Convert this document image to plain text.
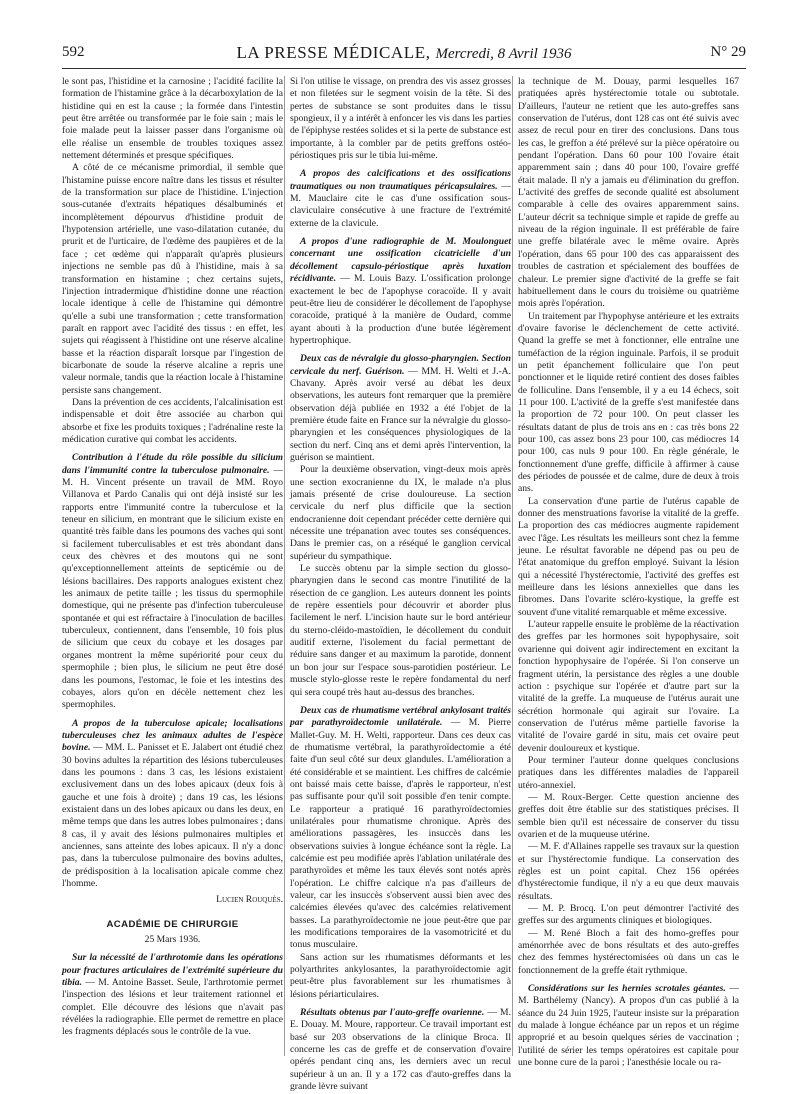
592	LA PRESSE MÉDICALE, Mercredi, 8 Avril 1936	N° 29

le sont pas, l'histidine et la carnosine ; l'acidité facilite la formation de l'histamine grâce à la décarboxylation de la histidine qui en est la cause ; la formée dans l'intestin peut être arrêtée ou transformée par le foie sain ; mais le foie malade peut la laisser passer dans l'organisme où elle réalise un ensemble de troubles toxiques assez nettement déterminés et presque spécifiques.

A côté de ce mécanisme primordial, il semble que l'histamine puisse encore naître dans les tissus et résulter de la transformation sur place de l'histidine. L'injection sous-cutanée d'extraits hépatiques désalbuminés et incomplètement dépourvus d'histidine produit de l'hypotension artérielle, une vaso-dilatation cutanée, du prurit et de l'urticaire, de l'œdème des paupières et de la face ; cet œdème qui n'apparaît qu'après plusieurs injections ne semble pas dû à l'histidine, mais à sa transformation en histamine ; chez certains sujets, l'injection intradermique d'histidine donne une réaction locale identique à celle de l'histamine qui démontre qu'elle a subi une transformation ; cette transformation paraît en rapport avec l'acidité des tissus : en effet, les sujets qui réagissent à l'histidine ont une réserve alcaline basse et la réaction disparaît lorsque par l'ingestion de bicarbonate de soude la réserve alcaline a repris une valeur normale, tandis que la réaction locale à l'histamine persiste sans changement.

Dans la prévention de ces accidents, l'alcalinisation est indispensable et doit être associée au charbon qui absorbe et fixe les produits toxiques ; l'adrénaline reste la médication curative qui combat les accidents.

Contribution à l'étude du rôle possible du silicium dans l'immunité contre la tuberculose pulmonaire. — M. H. Vincent présente un travail de MM. Royo Villanova et Pardo Canalis qui ont déjà insisté sur les rapports entre l'immunité contre la tuberculose et la teneur en silicium, en montrant que le silicium existe en quantité très faible dans les poumons des vaches qui sont si facilement tuberculisables et est très abondant dans ceux des chèvres et des moutons qui ne sont qu'exceptionnellement atteints de septicémie ou de lésions bacillaires. Des rapports analogues existent chez les animaux de petite taille ; les tissus du spermophile domestique, qui ne présente pas d'infection tuberculeuse spontanée et qui est réfractaire à l'inoculation de bacilles tuberculeux, contiennent, dans l'ensemble, 10 fois plus de silicium que ceux du cobaye et les dosages par organes montrent la même supériorité pour ceux du spermophile ; bien plus, le silicium ne peut être dosé dans les poumons, l'estomac, le foie et les intestins des cobayes, alors qu'on en décèle nettement chez les spermophiles.

A propos de la tuberculose apicale; localisations tuberculeuses chez les animaux adultes de l'espèce bovine. — MM. L. Panisset et E. Jalabert ont étudié chez 30 bovins adultes la répartition des lésions tuberculeuses dans les poumons : dans 3 cas, les lésions existaient exclusivement dans un des lobes apicaux (deux fois à gauche et une fois à droite) ; dans 19 cas, les lésions existaient dans un des lobes apicaux ou dans les deux, en même temps que dans les autres lobes pulmonaires ; dans 8 cas, il y avait des lésions pulmonaires multiples et anciennes, sans atteinte des lobes apicaux. Il n'y a donc pas, dans la tuberculose pulmonaire des bovins adultes, de prédisposition à la localisation apicale comme chez l'homme.

Lucien Rouquès.
ACADÉMIE DE CHIRURGIE
25 Mars 1936.

Sur la nécessité de l'arthrotomie dans les opérations pour fractures articulaires de l'extrémité supérieure du tibia. — M. Antoine Basset. Seule, l'arthrotomie permet l'inspection des lésions et leur traitement rationnel et complet. Elle découvre des lésions que n'avait pas révélées la radiographie. Elle permet de remettre en place les fragments déplacés sous le contrôle de la vue.

Si l'on utilise le vissage, on prendra des vis assez grosses et non filetées sur le segment voisin de la tête. Si des pertes de substance se sont produites dans le tissu spongieux, il y a intérêt à enfoncer les vis dans les parties de l'épiphyse restées solides et si la perte de substance est importante, à la combler par de petits greffons ostéo-périostiques pris sur le tibia lui-même.

A propos des calcifications et des ossifications traumatiques ou non traumatiques péricapsulaires. — M. Mauclaire cite le cas d'une ossification sous-claviculaire consécutive à une fracture de l'extrémité externe de la clavicule.

A propos d'une radiographie de M. Moulonguet concernant une ossification cicatricielle d'un décollement capsulo-périostique après luxation récidivante. — M. Louis Bazy. L'ossification prolonge exactement le bec de l'apophyse coracoïde. Il y avait peut-être lieu de considérer le décollement de l'apophyse coracoïde, pratiqué à la manière de Oudard, comme ayant abouti à la production d'une butée légèrement hypertrophique.

Deux cas de névralgie du glosso-pharyngien. Section cervicale du nerf. Guérison. — MM. H. Welti et J.-A. Chavany. Après avoir versé au débat les deux observations, les auteurs font remarquer que la première observation déjà publiée en 1932 a été l'objet de la première étude faite en France sur la névralgie du glosso-pharyngien et les conséquences physiologiques de la section du nerf. Cinq ans et demi après l'intervention, la guérison se maintient.

Pour la deuxième observation, vingt-deux mois après une section exocranienne du IX, le malade n'a plus jamais présenté de crise douloureuse. La section cervicale du nerf plus difficile que la section endocranienne doit cependant précéder cette dernière qui nécessite une trépanation avec toutes ses conséquences. Dans le premier cas, on a réséqué le ganglion cervical supérieur du sympathique.

Le succès obtenu par la simple section du glosso-pharyngien dans le second cas montre l'inutilité de la résection de ce ganglion. Les auteurs donnent les points de repère essentiels pour découvrir et aborder plus facilement le nerf. L'incision haute sur le bord antérieur du sterno-cléido-mastoïdien, le décollement du conduit auditif externe, l'isolement du facial permettant de réduire sans danger et au maximum la parotide, donnent un bon jour sur l'espace sous-parotidien postérieur. Le muscle stylo-glosse reste le repère fondamental du nerf qui sera coupé très haut au-dessus des branches.

Deux cas de rhumatisme vertébral ankylosant traités par parathyroïdectomie unilatérale. — M. Pierre Mallet-Guy. M. H. Welti, rapporteur. Dans ces deux cas de rhumatisme vertébral, la parathyroïdectomie a été faite d'un seul côté sur deux glandules. L'amélioration a été considérable et se maintient. Les chiffres de calcémie ont baissé mais cette baisse, d'après le rapporteur, n'est pas suffisante pour qu'il soit possible d'en tenir compte. Le rapporteur a pratiqué 16 parathyroïdectomies unilatérales pour rhumatisme chronique. Après des améliorations passagères, les insuccès dans les observations suivies à longue échéance sont la règle. La calcémie est peu modifiée après l'ablation unilatérale des parathyroïdes et même les taux élevés sont notés après l'opération. Le chiffre calcique n'a pas d'ailleurs de valeur, car les insuccès s'observent aussi bien avec des calcémies élevées qu'avec des calcémies relativement basses. La parathyroïdectomie ne joue peut-être que par les modifications temporaires de la vasomotricité et du tonus musculaire.

Sans action sur les rhumatismes déformants et les polyarthrites ankylosantes, la parathyroïdectomie agit peut-être plus favorablement sur les rhumatismes à lésions périarticulaires.

Résultats obtenus par l'auto-greffe ovarienne. — M. E. Douay. M. Moure, rapporteur. Ce travail important est basé sur 203 observations de la clinique Broca. Il concerne les cas de greffe et de conservation d'ovaire opérés pendant cinq ans, les derniers avec un recul supérieur à un an. Il y a 172 cas d'auto-greffes dans la grande lèvre suivant

la technique de M. Douay, parmi lesquelles 167 pratiquées après hystérectomie totale ou subtotale. D'ailleurs, l'auteur ne retient que les auto-greffes sans conservation de l'utérus, dont 128 cas ont été suivis avec assez de recul pour en tirer des conclusions. Dans tous les cas, le greffon a été prélevé sur la pièce opératoire ou pendant l'opération. Dans 60 pour 100 l'ovaire était apparemment sain ; dans 40 pour 100, l'ovaire greffé était malade. Il n'y a jamais eu d'élimination du greffon. L'activité des greffes de seconde qualité est absolument comparable à celle des ovaires apparemment sains. L'auteur décrit sa technique simple et rapide de greffe au niveau de la région inguinale. Il est préférable de faire une greffe bilatérale avec le même ovaire. Après l'opération, dans 65 pour 100 des cas apparaissent des troubles de castration et spécialement des bouffées de chaleur. Le premier signe d'activité de la greffe se fait habituellement dans le cours du troisième ou quatrième mois après l'opération.

Un traitement par l'hypophyse antérieure et les extraits d'ovaire favorise le déclenchement de cette activité. Quand la greffe se met à fonctionner, elle entraîne une tuméfaction de la région inguinale. Parfois, il se produit un petit épanchement folliculaire que l'on peut ponctionner et le liquide retiré contient des doses faibles de folliculine. Dans l'ensemble, il y a eu 14 échecs, soit 11 pour 100. L'activité de la greffe s'est manifestée dans la proportion de 72 pour 100. On peut classer les résultats datant de plus de trois ans en : cas très bons 22 pour 100, cas assez bons 23 pour 100, cas médiocres 14 pour 100, cas nuls 9 pour 100. En règle générale, le fonctionnement d'une greffe, difficile à affirmer à cause des périodes de poussée et de calme, dure de deux à trois ans.

La conservation d'une partie de l'utérus capable de donner des menstruations favorise la vitalité de la greffe. La proportion des cas médiocres augmente rapidement avec l'âge. Les résultats les meilleurs sont chez la femme jeune. Le résultat favorable ne dépend pas ou peu de l'état anatomique du greffon employé. Suivant la lésion qui a nécessité l'hystérectomie, l'activité des greffes est meilleure dans les lésions annexielles que dans les fibromes. Dans l'ovarite scléro-kystique, la greffe est souvent d'une vitalité remarquable et même excessive.

L'auteur rappelle ensuite le problème de la réactivation des greffes par les hormones soit hypophysaire, soit ovarienne qui doivent agir indirectement en excitant la fonction hypophysaire de l'opérée. Si l'on conserve un fragment utérin, la persistance des règles a une double action : psychique sur l'opérée et d'autre part sur la vitalité de la greffe. La muqueuse de l'utérus aurait une sécrétion hormonale qui agirait sur l'ovaire. La conservation de l'utérus même partielle favorise la vitalité de l'ovaire gardé in situ, mais cet ovaire peut devenir douloureux et kystique.

Pour terminer l'auteur donne quelques conclusions pratiques dans les différentes maladies de l'appareil utéro-annexiel.

— M. Roux-Berger. Cette question ancienne des greffes doit être établie sur des statistiques précises. Il semble bien qu'il est nécessaire de conserver du tissu ovarien et de la muqueuse utérine.

— M. F. d'Allaines rappelle ses travaux sur la question et sur l'hystérectomie fundique. La conservation des règles est un point capital. Chez 156 opérées d'hystérectomie fundique, il n'y a eu que deux mauvais résultats.

— M. P. Brocq. L'on peut démontrer l'activité des greffes sur des arguments cliniques et biologiques.

— M. René Bloch a fait des homo-greffes pour aménorrhée avec de bons résultats et des auto-greffes chez des femmes hystérectomisées où dans un cas le fonctionnement de la greffe était rythmique.

Considérations sur les hernies scrotales géantes. — M. Barthélemy (Nancy). A propos d'un cas publié à la séance du 24 Juin 1925, l'auteur insiste sur la préparation du malade à longue échéance par un repos et un régime approprié et au besoin quelques séries de vaccination ; l'utilité de sérier les temps opératoires est capitale pour une bonne cure de la paroi ; l'anesthésie locale ou ra-
